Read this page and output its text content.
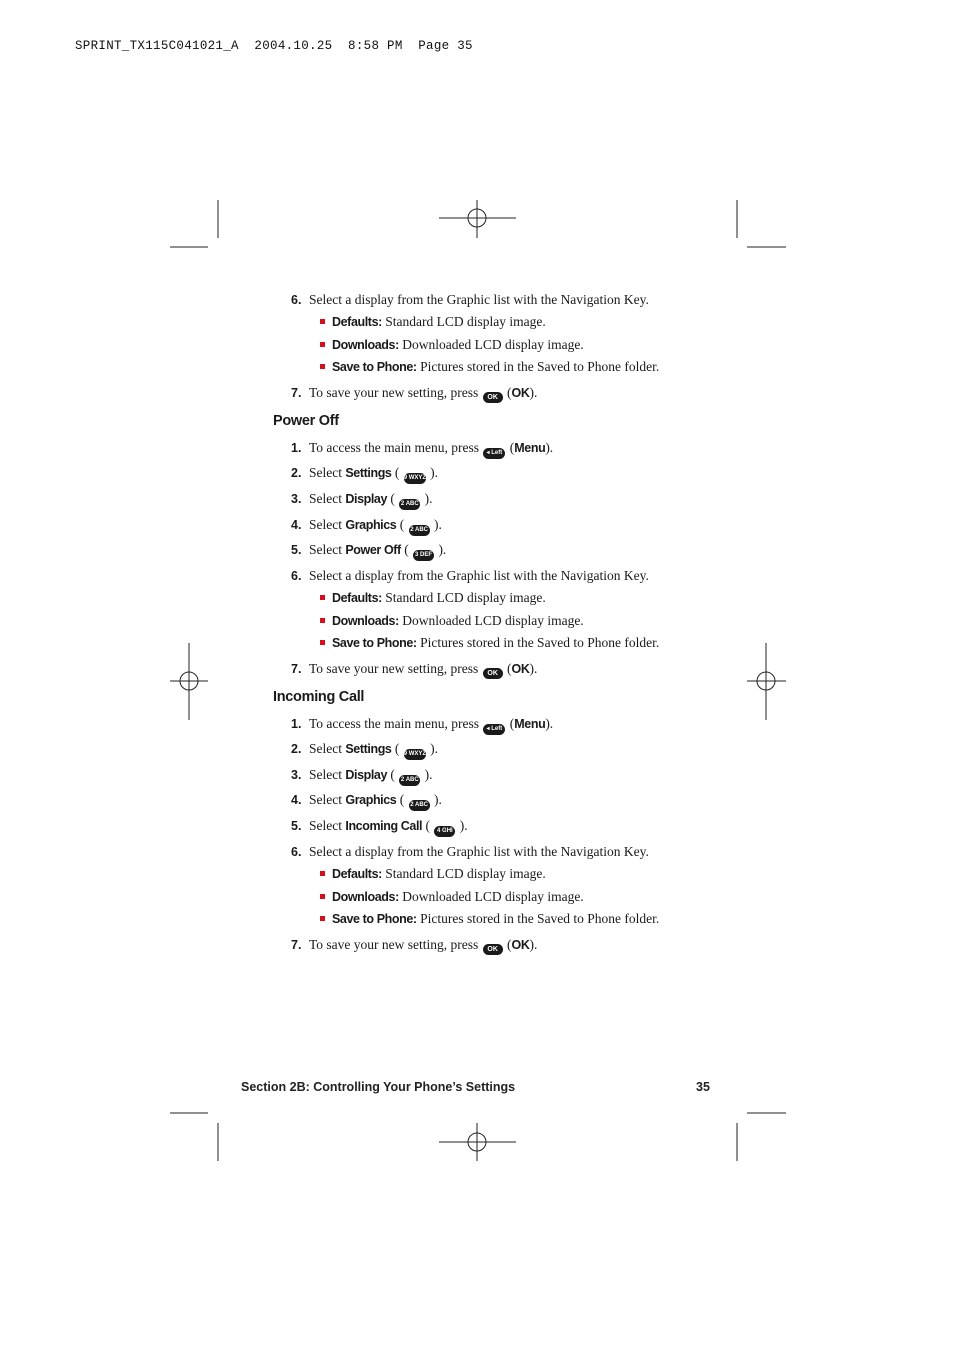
SPRINT_TX115C041021_A  2004.10.25  8:58 PM  Page 35
6. Select a display from the Graphic list with the Navigation Key.
Defaults: Standard LCD display image.
Downloads: Downloaded LCD display image.
Save to Phone: Pictures stored in the Saved to Phone folder.
7. To save your new setting, press OK (OK).
Power Off
1. To access the main menu, press ◂ Left (Menu).
2. Select Settings ( 9 WXYZ ).
3. Select Display ( 2 ABC ).
4. Select Graphics ( 2 ABC ).
5. Select Power Off ( 3 DEF ).
6. Select a display from the Graphic list with the Navigation Key.
Defaults: Standard LCD display image.
Downloads: Downloaded LCD display image.
Save to Phone: Pictures stored in the Saved to Phone folder.
7. To save your new setting, press OK (OK).
Incoming Call
1. To access the main menu, press ◂ Left (Menu).
2. Select Settings ( 9 WXYZ ).
3. Select Display ( 2 ABC ).
4. Select Graphics ( 2 ABC ).
5. Select Incoming Call ( 4 GHI ).
6. Select a display from the Graphic list with the Navigation Key.
Defaults: Standard LCD display image.
Downloads: Downloaded LCD display image.
Save to Phone: Pictures stored in the Saved to Phone folder.
7. To save your new setting, press OK (OK).
Section 2B: Controlling Your Phone’s Settings	35
